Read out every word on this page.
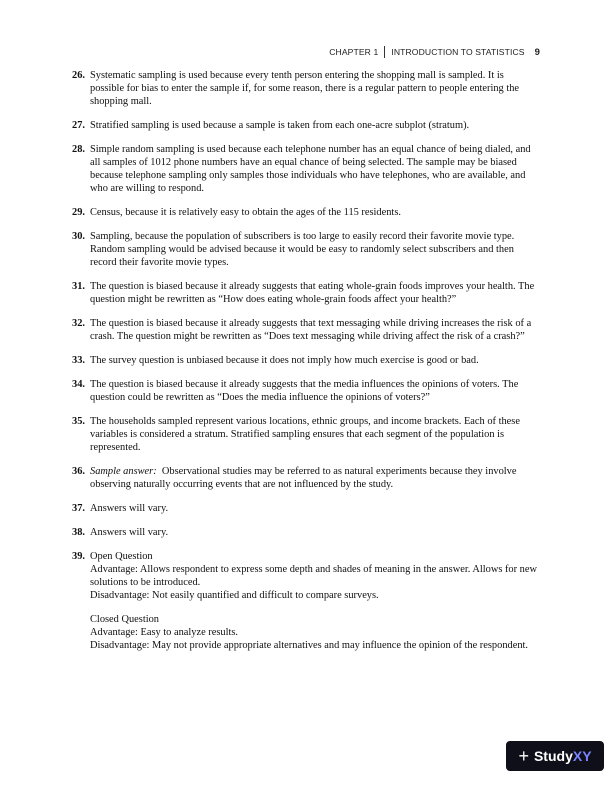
CHAPTER 1 INTRODUCTION TO STATISTICS 9
26. Systematic sampling is used because every tenth person entering the shopping mall is sampled. It is possible for bias to enter the sample if, for some reason, there is a regular pattern to people entering the shopping mall.
27. Stratified sampling is used because a sample is taken from each one-acre subplot (stratum).
28. Simple random sampling is used because each telephone number has an equal chance of being dialed, and all samples of 1012 phone numbers have an equal chance of being selected. The sample may be biased because telephone sampling only samples those individuals who have telephones, who are available, and who are willing to respond.
29. Census, because it is relatively easy to obtain the ages of the 115 residents.
30. Sampling, because the population of subscribers is too large to easily record their favorite movie type. Random sampling would be advised because it would be easy to randomly select subscribers and then record their favorite movie types.
31. The question is biased because it already suggests that eating whole-grain foods improves your health. The question might be rewritten as “How does eating whole-grain foods affect your health?”
32. The question is biased because it already suggests that text messaging while driving increases the risk of a crash. The question might be rewritten as “Does text messaging while driving affect the risk of a crash?”
33. The survey question is unbiased because it does not imply how much exercise is good or bad.
34. The question is biased because it already suggests that the media influences the opinions of voters. The question could be rewritten as “Does the media influence the opinions of voters?”
35. The households sampled represent various locations, ethnic groups, and income brackets. Each of these variables is considered a stratum. Stratified sampling ensures that each segment of the population is represented.
36. Sample answer: Observational studies may be referred to as natural experiments because they involve observing naturally occurring events that are not influenced by the study.
37. Answers will vary.
38. Answers will vary.
39. Open Question

Advantage: Allows respondent to express some depth and shades of meaning in the answer. Allows for new solutions to be introduced.

Disadvantage: Not easily quantified and difficult to compare surveys.

Closed Question

Advantage: Easy to analyze results.

Disadvantage: May not provide appropriate alternatives and may influence the opinion of the respondent.

+ Study XY
